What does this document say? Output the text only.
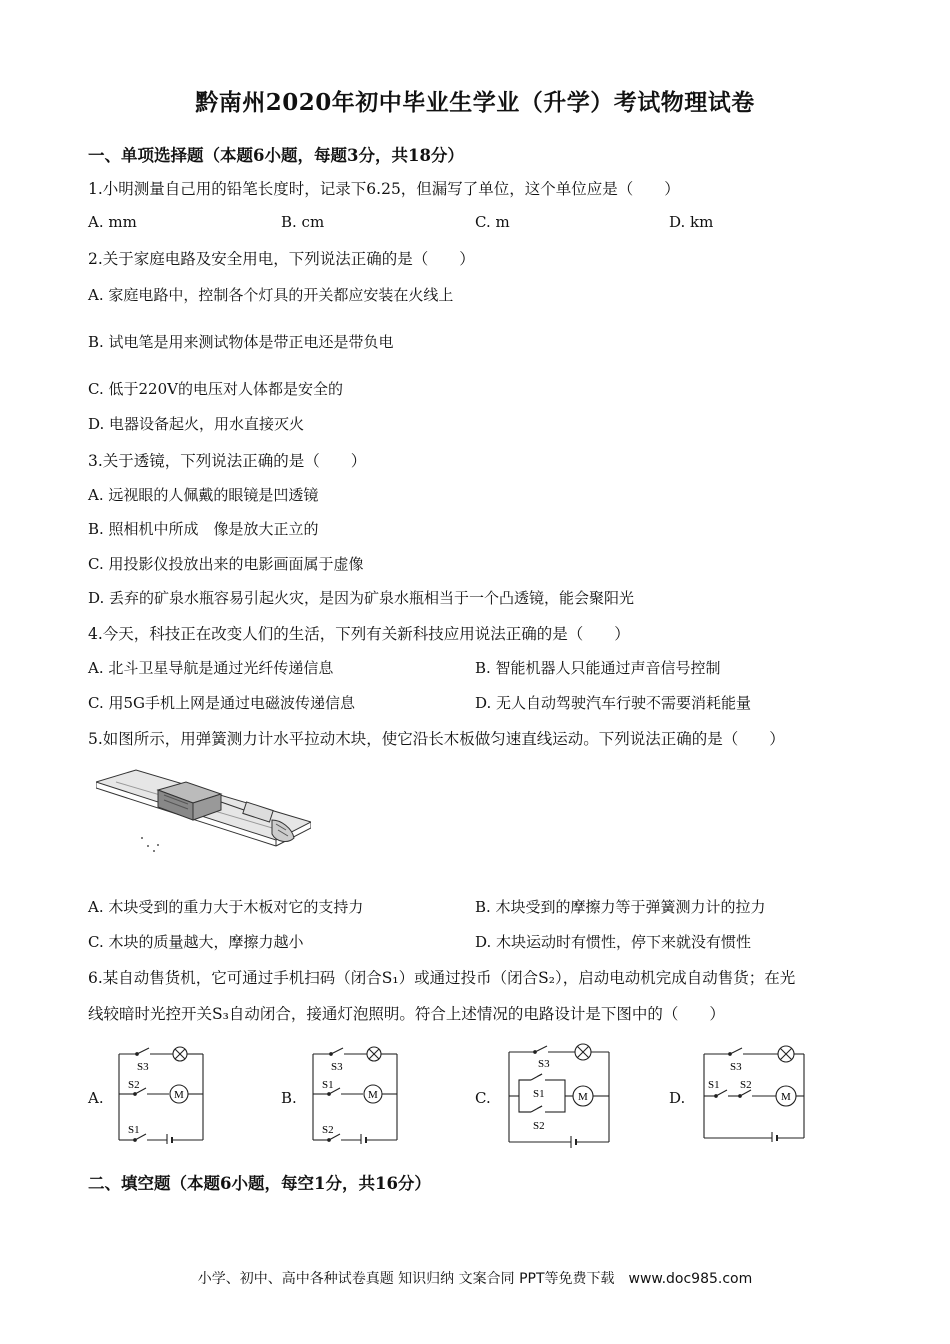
黔南州2020年初中毕业生学业（升学）考试物理试卷
一、单项选择题（本题6小题，每题3分，共18分）
1.小明测量自己用的铅笔长度时，记录下6.25，但漏写了单位，这个单位应是（　　）
A. mm	B. cm	C. m	D. km
2.关于家庭电路及安全用电，下列说法正确的是（　　）
A. 家庭电路中，控制各个灯具的开关都应安装在火线上
B. 试电笔是用来测试物体是带正电还是带负电
C. 低于220V的电压对人体都是安全的
D. 电器设备起火，用水直接灭火
3.关于透镜，下列说法正确的是（　　）
A. 远视眼的人佩戴的眼镜是凹透镜
B. 照相机中所成　像是放大正立的
C. 用投影仪投放出来的电影画面属于虚像
D. 丢弃的矿泉水瓶容易引起火灾，是因为矿泉水瓶相当于一个凸透镜，能会聚阳光
4.今天，科技正在改变人们的生活，下列有关新科技应用说法正确的是（　　）
A. 北斗卫星导航是通过光纤传递信息	B. 智能机器人只能通过声音信号控制
C. 用5G手机上网是通过电磁波传递信息	D. 无人自动驾驶汽车行驶不需要消耗能量
5.如图所示，用弹簧测力计水平拉动木块，使它沿长木板做匀速直线运动。下列说法正确的是（　　）
A. 木块受到的重力大于木板对它的支持力	B. 木块受到的摩擦力等于弹簧测力计的拉力
C. 木块的质量越大，摩擦力越小	D. 木块运动时有惯性，停下来就没有惯性
6.某自动售货机，它可通过手机扫码（闭合S₁）或通过投币（闭合S₂），启动电动机完成自动售货；在光
线较暗时光控开关S₃自动闭合，接通灯泡照明。符合上述情况的电路设计是下图中的（　　）
A.	B.	C.	D.
S3
S2
M
S1
S3
S1
M
S2
S3
S1	M
S2
S3
S1 S2
M
二、填空题（本题6小题，每空1分，共16分）
小学、初中、高中各种试卷真题 知识归纳 文案合同 PPT等免费下载　www.doc985.com
